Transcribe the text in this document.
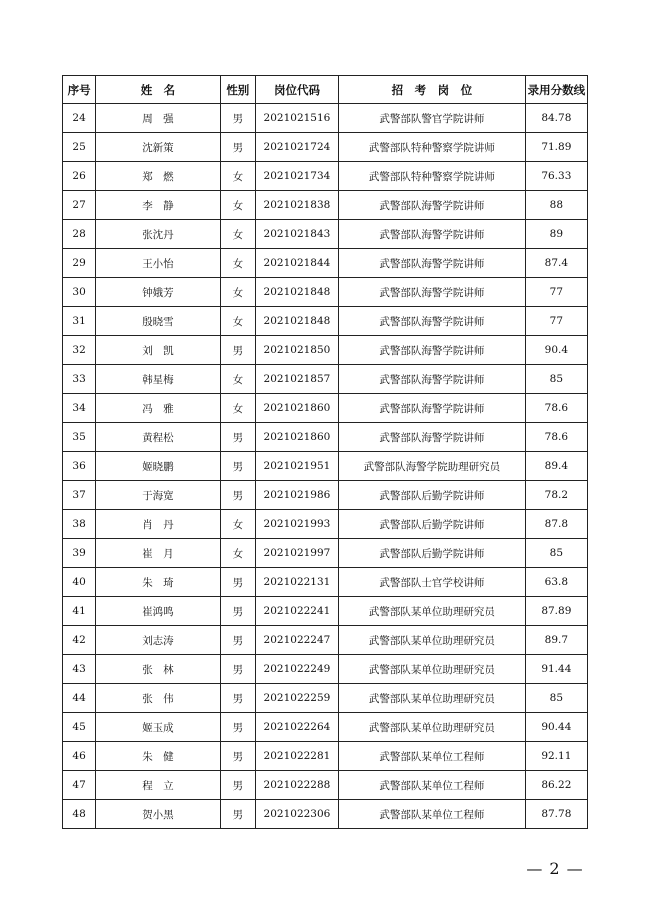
序号	姓　名	性别	岗位代码	招　考　岗　位	录用分数线
24	周　强	男	2021021516	武警部队警官学院讲师	84.78
25	沈新策	男	2021021724	武警部队特种警察学院讲师	71.89
26	郑　燃	女	2021021734	武警部队特种警察学院讲师	76.33
27	李　静	女	2021021838	武警部队海警学院讲师	88
28	张沈丹	女	2021021843	武警部队海警学院讲师	89
29	王小怡	女	2021021844	武警部队海警学院讲师	87.4
30	钟娥芳	女	2021021848	武警部队海警学院讲师	77
31	殷晓雪	女	2021021848	武警部队海警学院讲师	77
32	刘　凯	男	2021021850	武警部队海警学院讲师	90.4
33	韩星梅	女	2021021857	武警部队海警学院讲师	85
34	冯　雅	女	2021021860	武警部队海警学院讲师	78.6
35	黄程松	男	2021021860	武警部队海警学院讲师	78.6
36	姬晓鹏	男	2021021951	武警部队海警学院助理研究员	89.4
37	于海宽	男	2021021986	武警部队后勤学院讲师	78.2
38	肖　丹	女	2021021993	武警部队后勤学院讲师	87.8
39	崔　月	女	2021021997	武警部队后勤学院讲师	85
40	朱　琦	男	2021022131	武警部队士官学校讲师	63.8
41	崔鸿鸣	男	2021022241	武警部队某单位助理研究员	87.89
42	刘志涛	男	2021022247	武警部队某单位助理研究员	89.7
43	张　林	男	2021022249	武警部队某单位助理研究员	91.44
44	张　伟	男	2021022259	武警部队某单位助理研究员	85
45	姬玉成	男	2021022264	武警部队某单位助理研究员	90.44
46	朱　健	男	2021022281	武警部队某单位工程师	92.11
47	程　立	男	2021022288	武警部队某单位工程师	86.22
48	贺小黑	男	2021022306	武警部队某单位工程师	87.78
— 2 —
